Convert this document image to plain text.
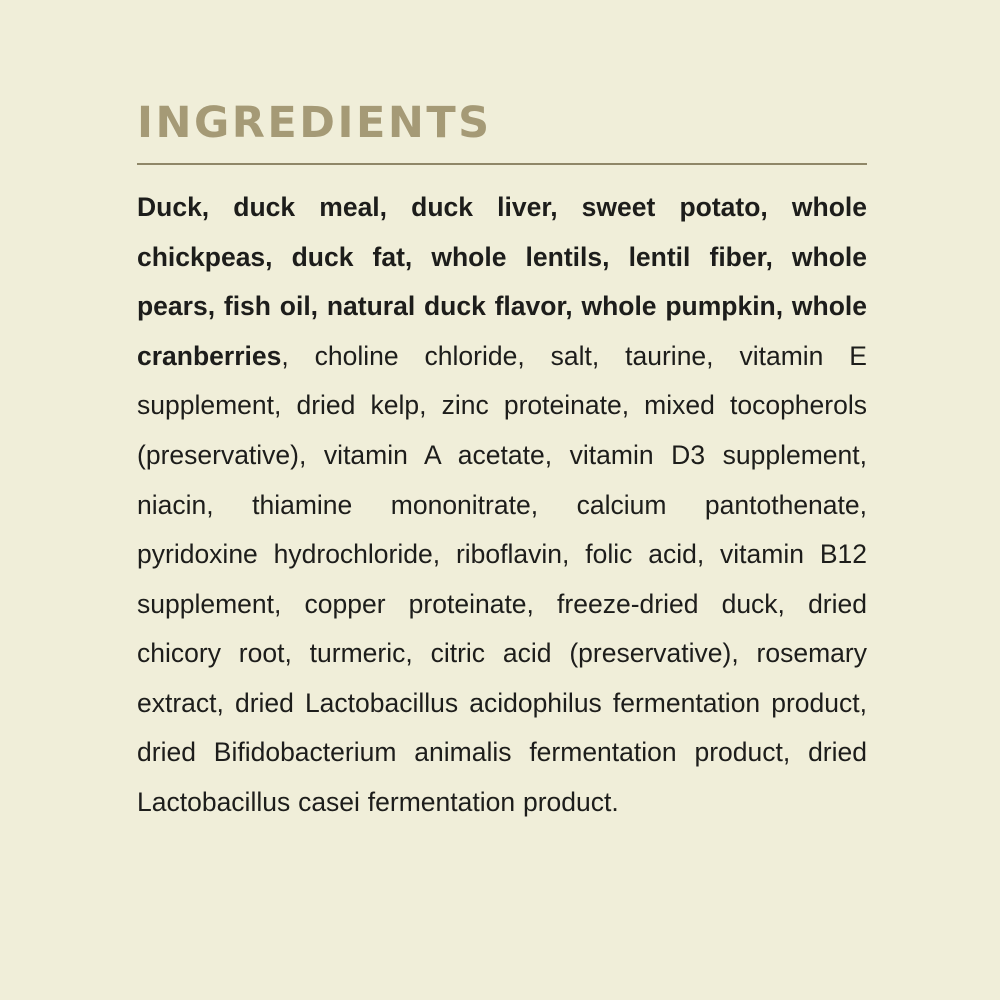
INGREDIENTS

Duck, duck meal, duck liver, sweet potato, whole chickpeas, duck fat, whole lentils, lentil fiber, whole pears, fish oil, natural duck flavor, whole pumpkin, whole cranberries, choline chloride, salt, taurine, vitamin E supplement, dried kelp, zinc proteinate, mixed tocopherols (preservative), vitamin A acetate, vitamin D3 supplement, niacin, thiamine mononitrate, calcium pantothenate, pyridoxine hydrochloride, riboflavin, folic acid, vitamin B12 supplement, copper proteinate, freeze-dried duck, dried chicory root, turmeric, citric acid (preservative), rosemary extract, dried Lactobacillus acidophilus fermentation product, dried Bifidobacterium animalis fermentation product, dried Lactobacillus casei fermentation product.
